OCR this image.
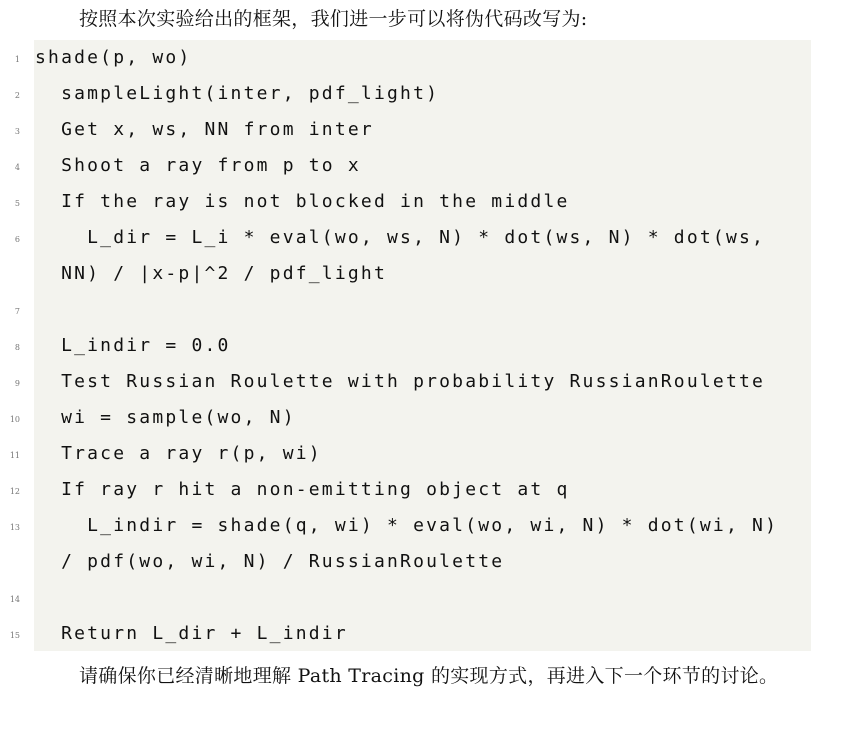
按照本次实验给出的框架，我们进一步可以将伪代码改写为:

1 shade(p, wo)
2 sampleLight(inter, pdf_light)
3 Get x, ws, NN from inter
4 Shoot a ray from p to x
5 If the ray is not blocked in the middle
6 L_dir = L_i * eval(wo, ws, N) * dot(ws, N) * dot(ws,
NN) / |x-p|^2 / pdf_light
7
8 L_indir = 0.0
9 Test Russian Roulette with probability RussianRoulette
10 wi = sample(wo, N)
11 Trace a ray r(p, wi)
12 If ray r hit a non-emitting object at q
13 L_indir = shade(q, wi) * eval(wo, wi, N) * dot(wi, N)
/ pdf(wo, wi, N) / RussianRoulette
14
15 Return L_dir + L_indir

请确保你已经清晰地理解 Path Tracing 的实现方式，再进入下一个环节的讨论。
